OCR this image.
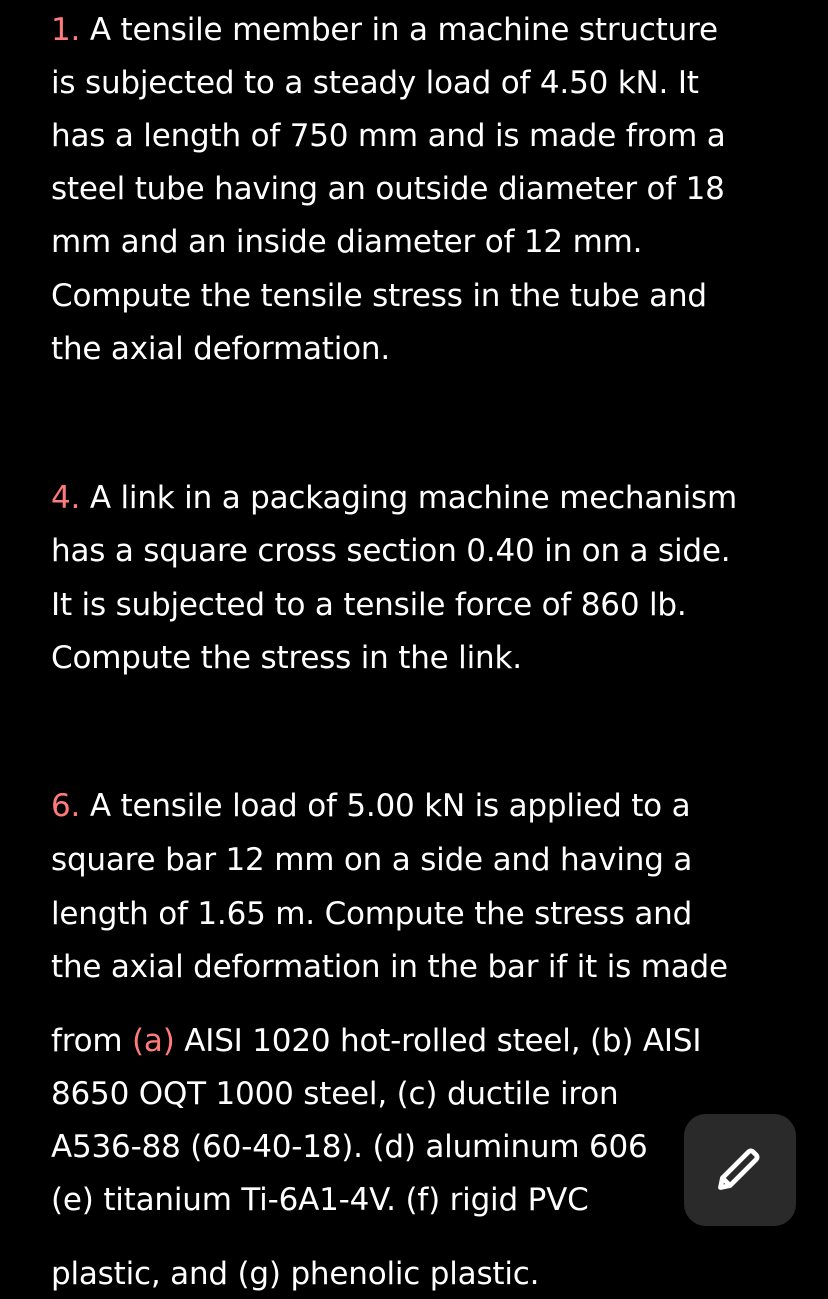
1. A tensile member in a machine structure
is subjected to a steady load of 4.50 kN. It
has a length of 750 mm and is made from a
steel tube having an outside diameter of 18
mm and an inside diameter of 12 mm.
Compute the tensile stress in the tube and
the axial deformation.
4. A link in a packaging machine mechanism
has a square cross section 0.40 in on a side.
It is subjected to a tensile force of 860 lb.
Compute the stress in the link.
6. A tensile load of 5.00 kN is applied to a
square bar 12 mm on a side and having a
length of 1.65 m. Compute the stress and
the axial deformation in the bar if it is made
from (a) AISI 1020 hot-rolled steel, (b) AISI
8650 OQT 1000 steel, (c) ductile iron
A536-88 (60-40-18). (d) aluminum 606
(e) titanium Ti-6A1-4V. (f) rigid PVC
plastic, and (g) phenolic plastic.
